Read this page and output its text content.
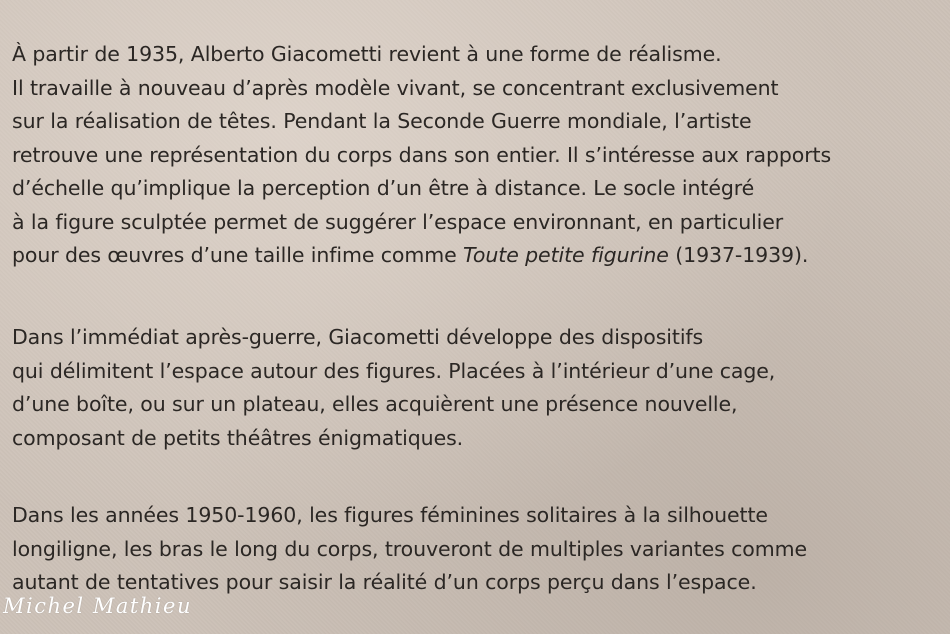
À partir de 1935, Alberto Giacometti revient à une forme de réalisme.
Il travaille à nouveau d’après modèle vivant, se concentrant exclusivement
sur la réalisation de têtes. Pendant la Seconde Guerre mondiale, l’artiste
retrouve une représentation du corps dans son entier. Il s’intéresse aux rapports
d’échelle qu’implique la perception d’un être à distance. Le socle intégré
à la figure sculptée permet de suggérer l’espace environnant, en particulier
pour des œuvres d’une taille infime comme Toute petite figurine (1937-1939).

Dans l’immédiat après-guerre, Giacometti développe des dispositifs
qui délimitent l’espace autour des figures. Placées à l’intérieur d’une cage,
d’une boîte, ou sur un plateau, elles acquièrent une présence nouvelle,
composant de petits théâtres énigmatiques.

Dans les années 1950-1960, les figures féminines solitaires à la silhouette
longiligne, les bras le long du corps, trouveront de multiples variantes comme
autant de tentatives pour saisir la réalité d’un corps perçu dans l’espace.

Michel Mathieu
